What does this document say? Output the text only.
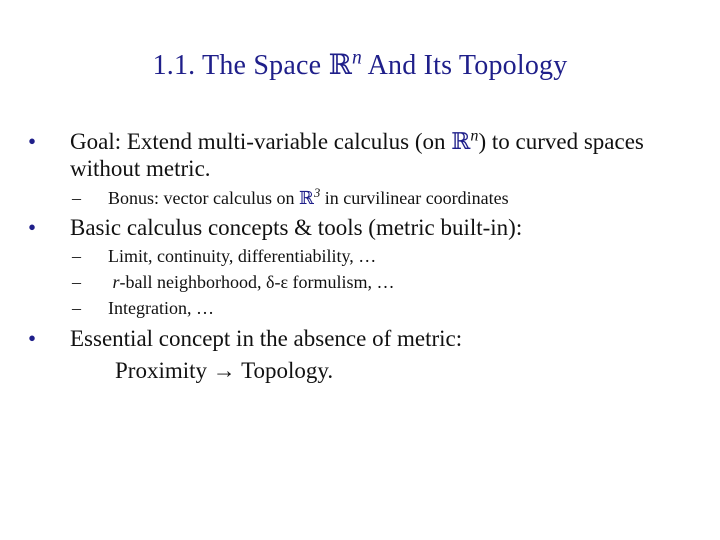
1.1. The Space ℝ$^n$ And Its Topology
•	Goal: Extend multi-variable calculus (on ℝ$^n$) to curved spaces
without metric.
–	Bonus: vector calculus on ℝ$^3$ in curvilinear coordinates
•	Basic calculus concepts & tools (metric built-in):
–	Limit, continuity, differentiability, …
–	r-ball neighborhood, δ-ε formulism, …
–	Integration, …
•	Essential concept in the absence of metric:
Proximity → Topology.
